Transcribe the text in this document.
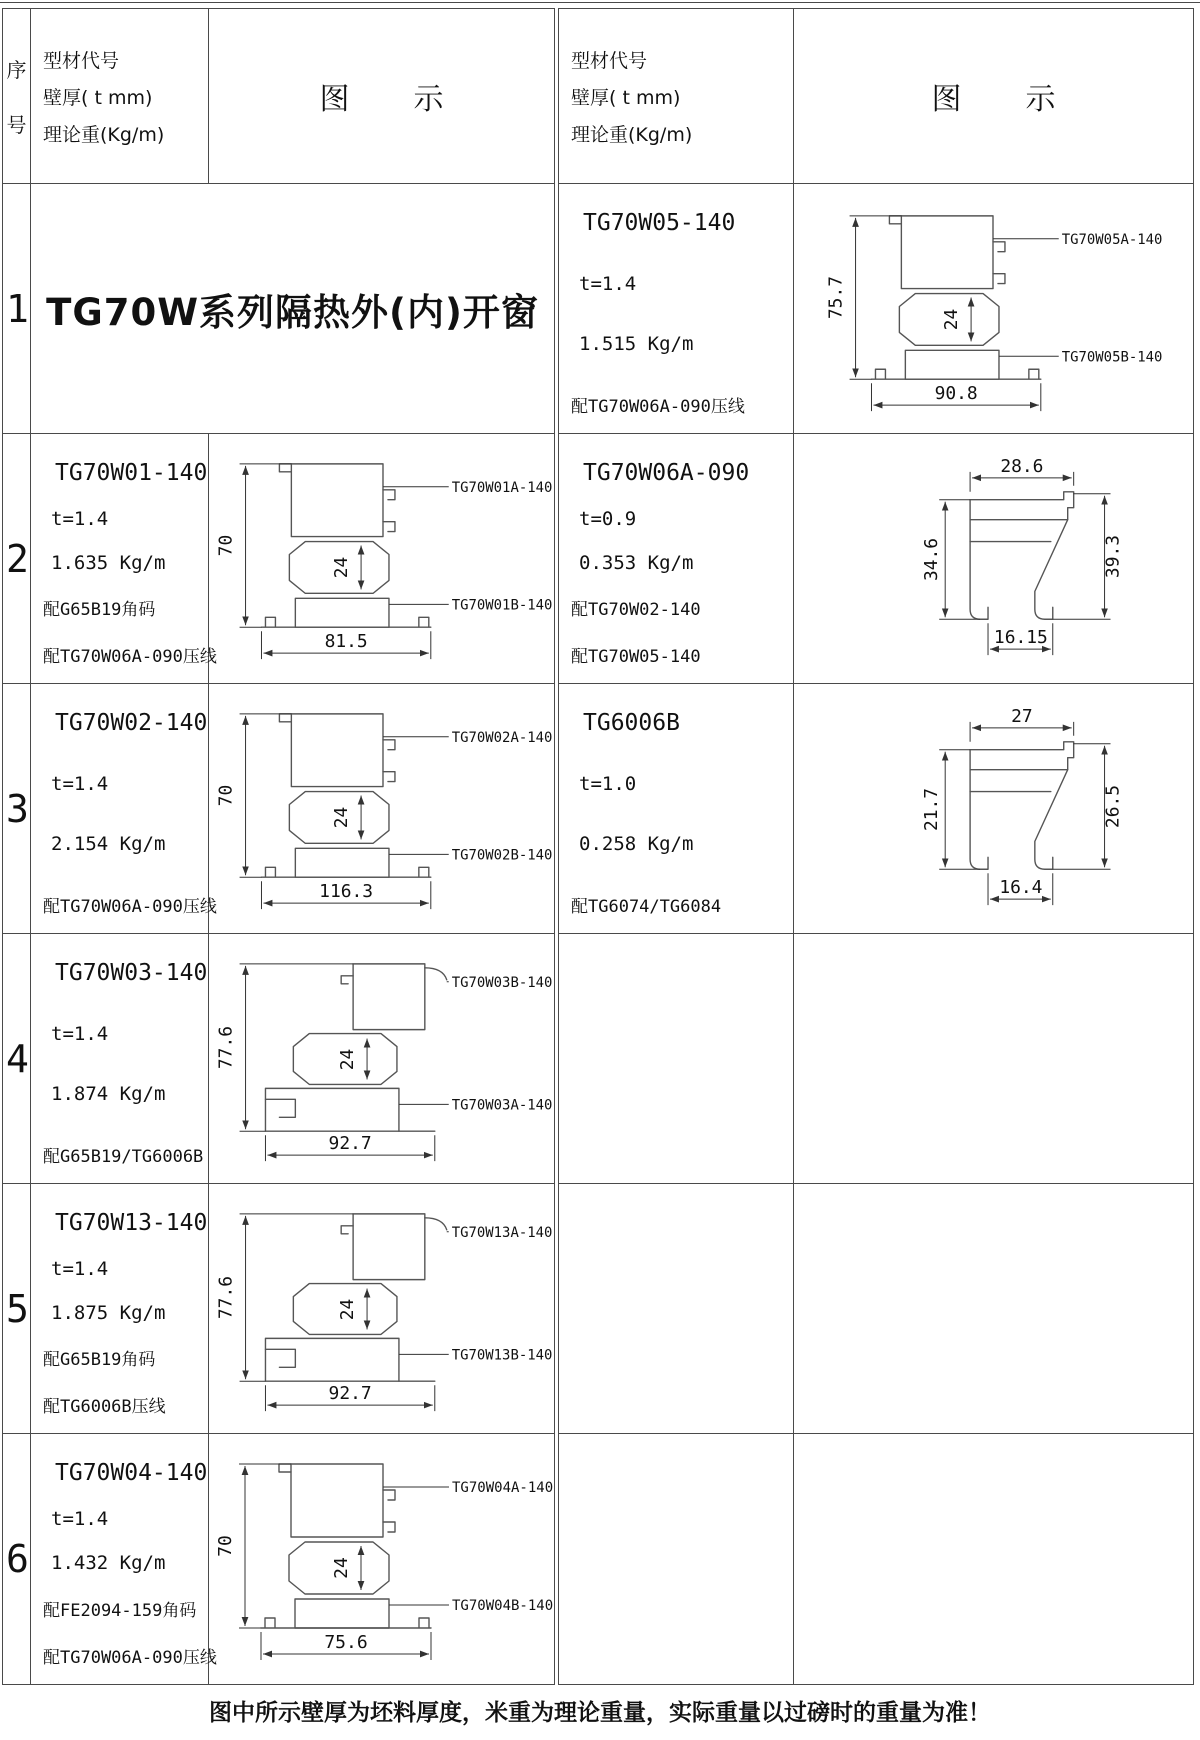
序
号
型材代号
壁厚( t mm)
理论重(Kg/m)
图 示
1 TG70W系列隔热外(内)开窗
2
TG70W01-140
t=1.4
1.635 Kg/m
配G65B19角码
配TG70W06A-090压线
70
81.5
24
TG70W01A-140
TG70W01B-140
3
TG70W02-140
t=1.4
2.154 Kg/m
配TG70W06A-090压线
70
116.3
24
TG70W02A-140
TG70W02B-140
4
TG70W03-140
t=1.4
1.874 Kg/m
配G65B19/TG6006B
77.6
92.7
24
TG70W03B-140
TG70W03A-140
5
TG70W13-140
t=1.4
1.875 Kg/m
配G65B19角码
配TG6006B压线
77.6
92.7
24
TG70W13A-140
TG70W13B-140
6
TG70W04-140
t=1.4
1.432 Kg/m
配FE2094-159角码
配TG70W06A-090压线
70
75.6
24
TG70W04A-140
TG70W04B-140
型材代号
壁厚( t mm)
理论重(Kg/m)
图 示
TG70W05-140
t=1.4
1.515 Kg/m
配TG70W06A-090压线
75.7
90.8
24
TG70W05A-140
TG70W05B-140
TG70W06A-090
t=0.9
0.353 Kg/m
配TG70W02-140
配TG70W05-140
28.6
34.6	39.3
16.15
TG6006B
t=1.0
0.258 Kg/m
配TG6074/TG6084
27
21.7	26.5
16.4
图中所示壁厚为坯料厚度，米重为理论重量，实际重量以过磅时的重量为准！
